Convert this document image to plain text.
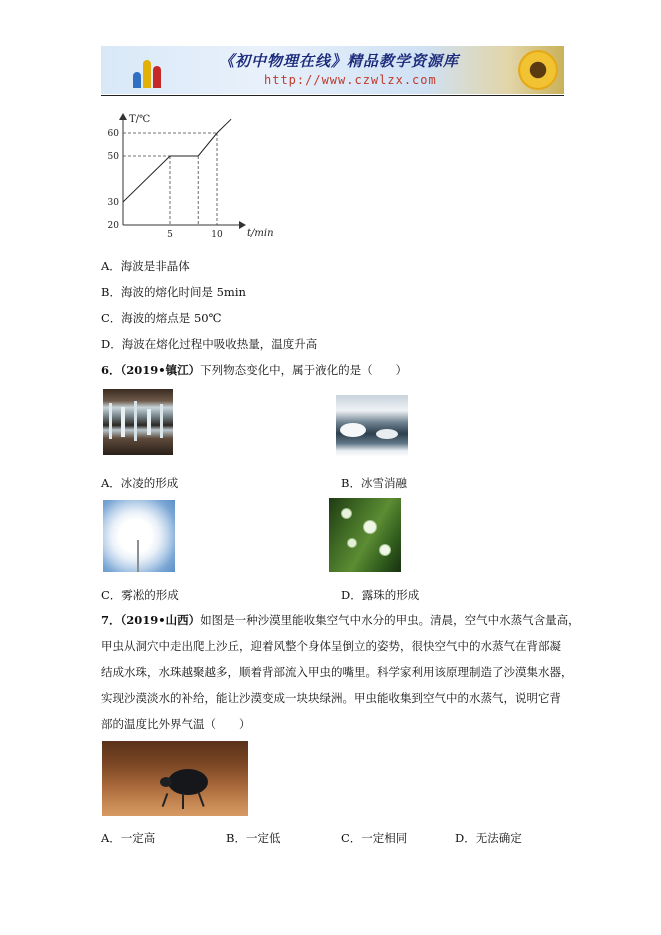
《初中物理在线》精品教学资源库
http://www.czwlzx.com
T/℃
t/min
20
30
50
60
5	10
A．海波是非晶体
B．海波的熔化时间是 5min
C．海波的熔点是 50℃
D．海波在熔化过程中吸收热量，温度升高
6．（2019•镇江）下列物态变化中，属于液化的是（　　）
A．冰凌的形成	B．冰雪消融
C．雾凇的形成	D．露珠的形成
7．（2019•山西）如图是一种沙漠里能收集空气中水分的甲虫。清晨，空气中水蒸气含量高，
甲虫从洞穴中走出爬上沙丘，迎着风整个身体呈倒立的姿势，很快空气中的水蒸气在背部凝
结成水珠，水珠越聚越多，顺着背部流入甲虫的嘴里。科学家利用该原理制造了沙漠集水器，
实现沙漠淡水的补给，能让沙漠变成一块块绿洲。甲虫能收集到空气中的水蒸气，说明它背
部的温度比外界气温（　　）
A．一定高	B．一定低	C．一定相同	D．无法确定
